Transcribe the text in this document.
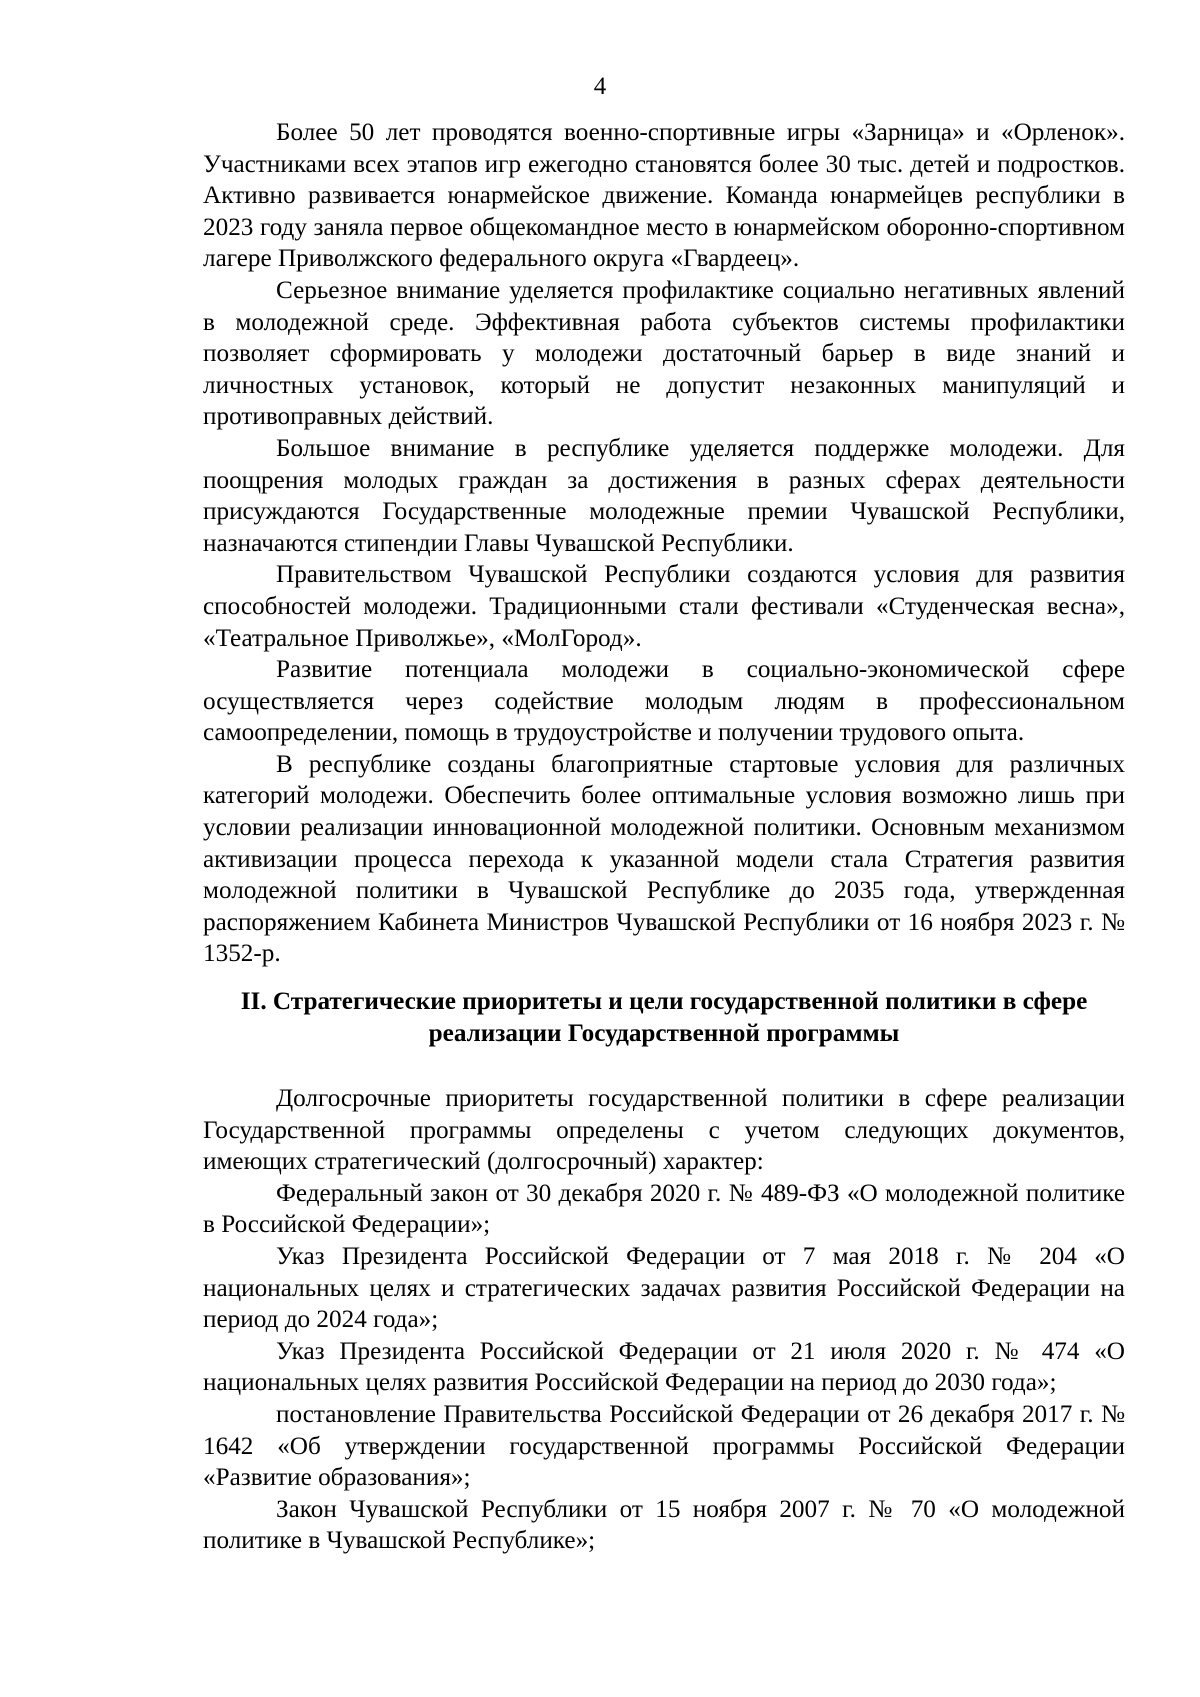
4

Более 50 лет проводятся военно-спортивные игры «Зарница» и «Орленок». Участниками всех этапов игр ежегодно становятся более 30 тыс. детей и подростков. Активно развивается юнармейское движение. Команда юнармейцев республики в 2023 году заняла первое общекомандное место в юнармейском оборонно-спортивном лагере Приволжского федерального округа «Гвардеец».

Серьезное внимание уделяется профилактике социально негативных явлений в молодежной среде. Эффективная работа субъектов системы профилактики позволяет сформировать у молодежи достаточный барьер в виде знаний и личностных установок, который не допустит незаконных манипуляций и противоправных действий.

Большое внимание в республике уделяется поддержке молодежи. Для поощрения молодых граждан за достижения в разных сферах деятельности присуждаются Государственные молодежные премии Чувашской Республики, назначаются стипендии Главы Чувашской Республики.

Правительством Чувашской Республики создаются условия для развития способностей молодежи. Традиционными стали фестивали «Студенческая весна», «Театральное Приволжье», «МолГород».

Развитие потенциала молодежи в социально-экономической сфере осуществляется через содействие молодым людям в профессиональном самоопределении, помощь в трудоустройстве и получении трудового опыта.

В республике созданы благоприятные стартовые условия для различных категорий молодежи. Обеспечить более оптимальные условия возможно лишь при условии реализации инновационной молодежной политики. Основным механизмом активизации процесса перехода к указанной модели стала Стратегия развития молодежной политики в Чувашской Республике до 2035 года, утвержденная распоряжением Кабинета Министров Чувашской Республики от 16 ноября 2023 г. № 1352-р.

II. Стратегические приоритеты и цели государственной политики в сфере
реализации Государственной программы

Долгосрочные приоритеты государственной политики в сфере реализации Государственной программы определены с учетом следующих документов, имеющих стратегический (долгосрочный) характер:

Федеральный закон от 30 декабря 2020 г. № 489-ФЗ «О молодежной политике в Российской Федерации»;

Указ Президента Российской Федерации от 7 мая 2018 г. № 204 «О национальных целях и стратегических задачах развития Российской Федерации на период до 2024 года»;

Указ Президента Российской Федерации от 21 июля 2020 г. № 474 «О национальных целях развития Российской Федерации на период до 2030 года»;

постановление Правительства Российской Федерации от 26 декабря 2017 г. № 1642 «Об утверждении государственной программы Российской Федерации «Развитие образования»;

Закон Чувашской Республики от 15 ноября 2007 г. № 70 «О молодежной политике в Чувашской Республике»;
